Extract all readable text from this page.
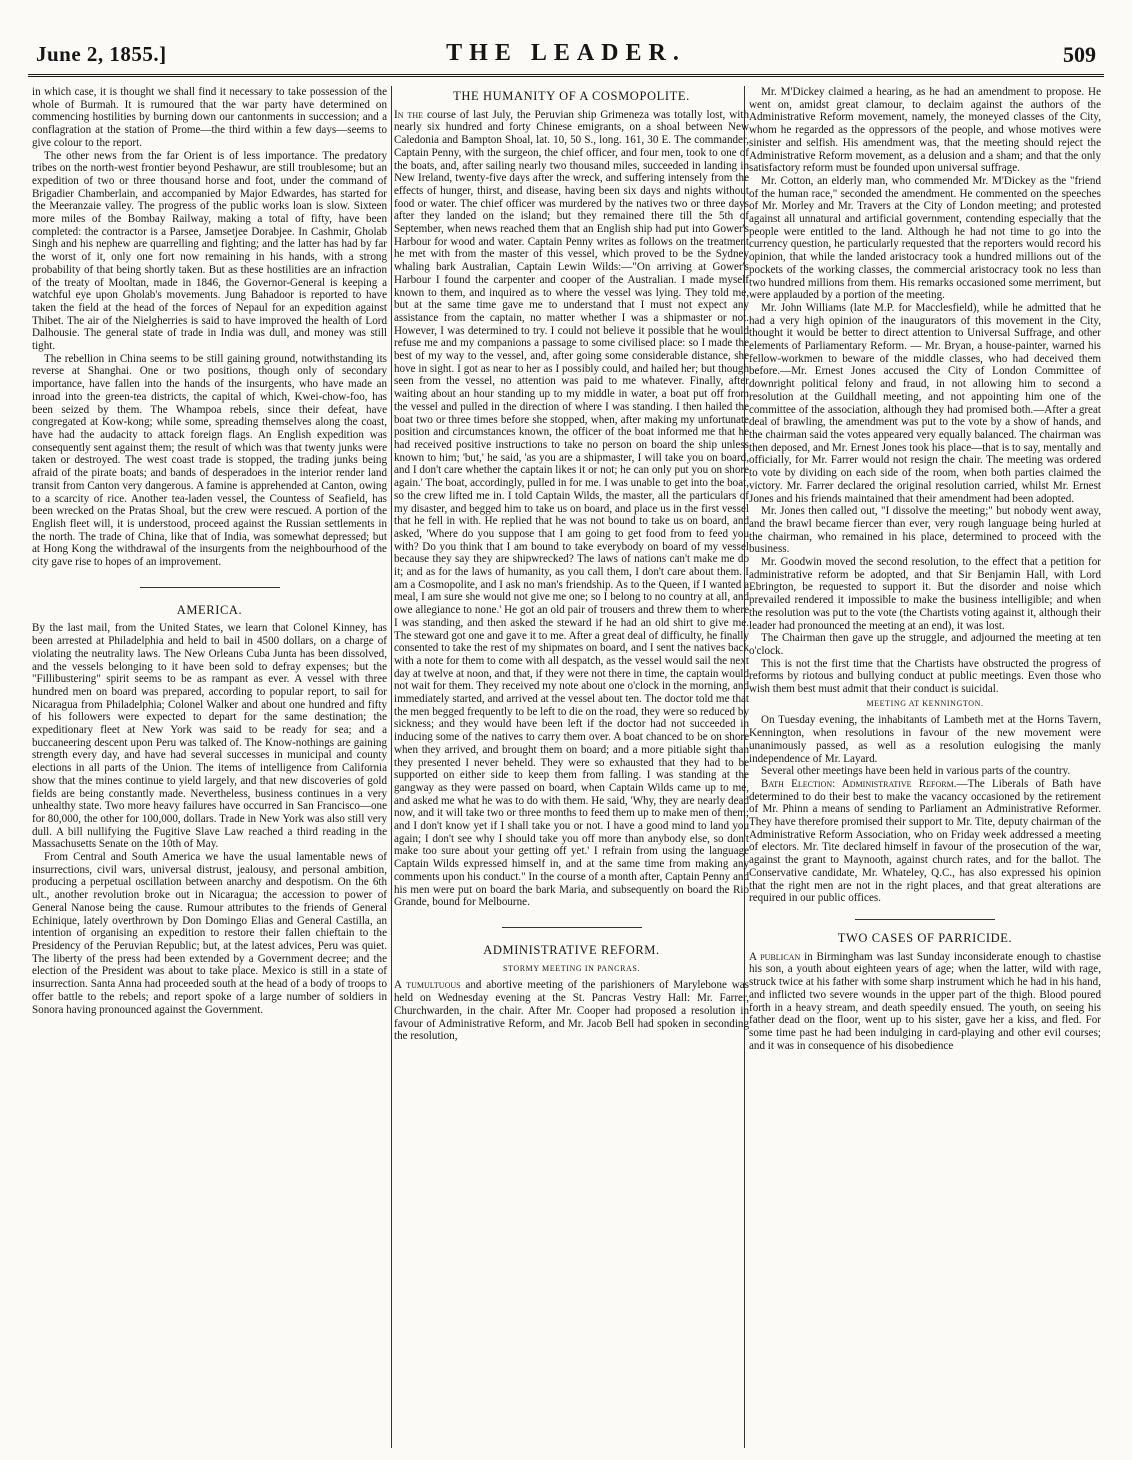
June 2, 1855.]	THE LEADER.	509

in which case, it is thought we shall find it necessary to take possession of the whole of Burmah. It is rumoured that the war party have determined on commencing hostilities by burning down our cantonments in succession; and a conflagration at the station of Prome—the third within a few days—seems to give colour to the report.

The other news from the far Orient is of less importance. The predatory tribes on the north-west frontier beyond Peshawur, are still troublesome; but an expedition of two or three thousand horse and foot, under the command of Brigadier Chamberlain, and accompanied by Major Edwardes, has started for the Meeranzaie valley. The progress of the public works loan is slow. Sixteen more miles of the Bombay Railway, making a total of fifty, have been completed: the contractor is a Parsee, Jamsetjee Dorabjee. In Cashmir, Gholab Singh and his nephew are quarrelling and fighting; and the latter has had by far the worst of it, only one fort now remaining in his hands, with a strong probability of that being shortly taken. But as these hostilities are an infraction of the treaty of Mooltan, made in 1846, the Governor-General is keeping a watchful eye upon Gholab's movements. Jung Bahadoor is reported to have taken the field at the head of the forces of Nepaul for an expedition against Thibet. The air of the Nielgherries is said to have improved the health of Lord Dalhousie. The general state of trade in India was dull, and money was still tight.

The rebellion in China seems to be still gaining ground, notwithstanding its reverse at Shanghai. One or two positions, though only of secondary importance, have fallen into the hands of the insurgents, who have made an inroad into the green-tea districts, the capital of which, Kwei-chow-foo, has been seized by them. The Whampoa rebels, since their defeat, have congregated at Kow-kong; while some, spreading themselves along the coast, have had the audacity to attack foreign flags. An English expedition was consequently sent against them; the result of which was that twenty junks were taken or destroyed. The west coast trade is stopped, the trading junks being afraid of the pirate boats; and bands of desperadoes in the interior render land transit from Canton very dangerous. A famine is apprehended at Canton, owing to a scarcity of rice. Another tea-laden vessel, the Countess of Seafield, has been wrecked on the Pratas Shoal, but the crew were rescued. A portion of the English fleet will, it is understood, proceed against the Russian settlements in the north. The trade of China, like that of India, was somewhat depressed; but at Hong Kong the withdrawal of the insurgents from the neighbourhood of the city gave rise to hopes of an improvement.

AMERICA.

By the last mail, from the United States, we learn that Colonel Kinney, has been arrested at Philadelphia and held to bail in 4500 dollars, on a charge of violating the neutrality laws. The New Orleans Cuba Junta has been dissolved, and the vessels belonging to it have been sold to defray expenses; but the "Fillibustering" spirit seems to be as rampant as ever. A vessel with three hundred men on board was prepared, according to popular report, to sail for Nicaragua from Philadelphia; Colonel Walker and about one hundred and fifty of his followers were expected to depart for the same destination; the expeditionary fleet at New York was said to be ready for sea; and a buccaneering descent upon Peru was talked of. The Know-nothings are gaining strength every day, and have had several successes in municipal and county elections in all parts of the Union. The items of intelligence from California show that the mines continue to yield largely, and that new discoveries of gold fields are being constantly made. Nevertheless, business continues in a very unhealthy state. Two more heavy failures have occurred in San Francisco—one for 80,000, the other for 100,000, dollars. Trade in New York was also still very dull. A bill nullifying the Fugitive Slave Law reached a third reading in the Massachusetts Senate on the 10th of May.

From Central and South America we have the usual lamentable news of insurrections, civil wars, universal distrust, jealousy, and personal ambition, producing a perpetual oscillation between anarchy and despotism. On the 6th ult., another revolution broke out in Nicaragua; the accession to power of General Nanose being the cause. Rumour attributes to the friends of General Echinique, lately overthrown by Don Domingo Elias and General Castilla, an intention of organising an expedition to restore their fallen chieftain to the Presidency of the Peruvian Republic; but, at the latest advices, Peru was quiet. The liberty of the press had been extended by a Government decree; and the election of the President was about to take place. Mexico is still in a state of insurrection. Santa Anna had proceeded south at the head of a body of troops to offer battle to the rebels; and report spoke of a large number of soldiers in Sonora having pronounced against the Government.

THE HUMANITY OF A COSMOPOLITE.

In the course of last July, the Peruvian ship Grimeneza was totally lost, with nearly six hundred and forty Chinese emigrants, on a shoal between New Caledonia and Bampton Shoal, lat. 10, 50 S., long. 161, 30 E. The commander, Captain Penny, with the surgeon, the chief officer, and four men, took to one of the boats, and, after sailing nearly two thousand miles, succeeded in landing in New Ireland, twenty-five days after the wreck, and suffering intensely from the effects of hunger, thirst, and disease, having been six days and nights without food or water. The chief officer was murdered by the natives two or three days after they landed on the island; but they remained there till the 5th of September, when news reached them that an English ship had put into Gower's Harbour for wood and water. Captain Penny writes as follows on the treatment he met with from the master of this vessel, which proved to be the Sydney whaling bark Australian, Captain Lewin Wilds:—"On arriving at Gower's Harbour I found the carpenter and cooper of the Australian. I made myself known to them, and inquired as to where the vessel was lying. They told me, but at the same time gave me to understand that I must not expect any assistance from the captain, no matter whether I was a shipmaster or not. However, I was determined to try. I could not believe it possible that he would refuse me and my companions a passage to some civilised place: so I made the best of my way to the vessel, and, after going some considerable distance, she hove in sight. I got as near to her as I possibly could, and hailed her; but though seen from the vessel, no attention was paid to me whatever. Finally, after waiting about an hour standing up to my middle in water, a boat put off from the vessel and pulled in the direction of where I was standing. I then hailed the boat two or three times before she stopped, when, after making my unfortunate position and circumstances known, the officer of the boat informed me that he had received positive instructions to take no person on board the ship unless known to him; 'but,' he said, 'as you are a shipmaster, I will take you on board, and I don't care whether the captain likes it or not; he can only put you on shore again.' The boat, accordingly, pulled in for me. I was unable to get into the boat, so the crew lifted me in. I told Captain Wilds, the master, all the particulars of my disaster, and begged him to take us on board, and place us in the first vessel that he fell in with. He replied that he was not bound to take us on board, and asked, 'Where do you suppose that I am going to get food from to feed you with? Do you think that I am bound to take everybody on board of my vessel because they say they are shipwrecked? The laws of nations can't make me do it; and as for the laws of humanity, as you call them, I don't care about them. I am a Cosmopolite, and I ask no man's friendship. As to the Queen, if I wanted a meal, I am sure she would not give me one; so I belong to no country at all, and owe allegiance to none.' He got an old pair of trousers and threw them to where I was standing, and then asked the steward if he had an old shirt to give me. The steward got one and gave it to me. After a great deal of difficulty, he finally consented to take the rest of my shipmates on board, and I sent the natives back with a note for them to come with all despatch, as the vessel would sail the next day at twelve at noon, and that, if they were not there in time, the captain would not wait for them. They received my note about one o'clock in the morning, and immediately started, and arrived at the vessel about ten. The doctor told me that the men begged frequently to be left to die on the road, they were so reduced by sickness; and they would have been left if the doctor had not succeeded in inducing some of the natives to carry them over. A boat chanced to be on shore when they arrived, and brought them on board; and a more pitiable sight than they presented I never beheld. They were so exhausted that they had to be supported on either side to keep them from falling. I was standing at the gangway as they were passed on board, when Captain Wilds came up to me, and asked me what he was to do with them. He said, 'Why, they are nearly dead now, and it will take two or three months to feed them up to make men of them; and I don't know yet if I shall take you or not. I have a good mind to land you again; I don't see why I should take you off more than anybody else, so don't make too sure about your getting off yet.' I refrain from using the language Captain Wilds expressed himself in, and at the same time from making any comments upon his conduct." In the course of a month after, Captain Penny and his men were put on board the bark Maria, and subsequently on board the Rio Grande, bound for Melbourne.

ADMINISTRATIVE REFORM.
STORMY MEETING IN PANCRAS.

A tumultuous and abortive meeting of the parishioners of Marylebone was held on Wednesday evening at the St. Pancras Vestry Hall: Mr. Farrer, Churchwarden, in the chair. After Mr. Cooper had proposed a resolution in favour of Administrative Reform, and Mr. Jacob Bell had spoken in seconding the resolution,

Mr. M'Dickey claimed a hearing, as he had an amendment to propose. He went on, amidst great clamour, to declaim against the authors of the Administrative Reform movement, namely, the moneyed classes of the City, whom he regarded as the oppressors of the people, and whose motives were sinister and selfish. His amendment was, that the meeting should reject the Administrative Reform movement, as a delusion and a sham; and that the only satisfactory reform must be founded upon universal suffrage.

Mr. Cotton, an elderly man, who commended Mr. M'Dickey as the "friend of the human race," seconded the amendment. He commented on the speeches of Mr. Morley and Mr. Travers at the City of London meeting; and protested against all unnatural and artificial government, contending especially that the people were entitled to the land. Although he had not time to go into the currency question, he particularly requested that the reporters would record his opinion, that while the landed aristocracy took a hundred millions out of the pockets of the working classes, the commercial aristocracy took no less than two hundred millions from them. His remarks occasioned some merriment, but were applauded by a portion of the meeting.

Mr. John Williams (late M.P. for Macclesfield), while he admitted that he had a very high opinion of the inaugurators of this movement in the City, thought it would be better to direct attention to Universal Suffrage, and other elements of Parliamentary Reform. — Mr. Bryan, a house-painter, warned his fellow-workmen to beware of the middle classes, who had deceived them before.—Mr. Ernest Jones accused the City of London Committee of downright political felony and fraud, in not allowing him to second a resolution at the Guildhall meeting, and not appointing him one of the committee of the association, although they had promised both.—After a great deal of brawling, the amendment was put to the vote by a show of hands, and the chairman said the votes appeared very equally balanced. The chairman was then deposed, and Mr. Ernest Jones took his place—that is to say, mentally and officially, for Mr. Farrer would not resign the chair. The meeting was ordered to vote by dividing on each side of the room, when both parties claimed the victory. Mr. Farrer declared the original resolution carried, whilst Mr. Ernest Jones and his friends maintained that their amendment had been adopted.

Mr. Jones then called out, "I dissolve the meeting;" but nobody went away, and the brawl became fiercer than ever, very rough language being hurled at the chairman, who remained in his place, determined to proceed with the business.

Mr. Goodwin moved the second resolution, to the effect that a petition for administrative reform be adopted, and that Sir Benjamin Hall, with Lord Ebrington, be requested to support it. But the disorder and noise which prevailed rendered it impossible to make the business intelligible; and when the resolution was put to the vote (the Chartists voting against it, although their leader had pronounced the meeting at an end), it was lost.

The Chairman then gave up the struggle, and adjourned the meeting at ten o'clock.

This is not the first time that the Chartists have obstructed the progress of reforms by riotous and bullying conduct at public meetings. Even those who wish them best must admit that their conduct is suicidal.

MEETING AT KENNINGTON.

On Tuesday evening, the inhabitants of Lambeth met at the Horns Tavern, Kennington, when resolutions in favour of the new movement were unanimously passed, as well as a resolution eulogising the manly independence of Mr. Layard.

Several other meetings have been held in various parts of the country.

Bath Election: Administrative Reform.—The Liberals of Bath have determined to do their best to make the vacancy occasioned by the retirement of Mr. Phinn a means of sending to Parliament an Administrative Reformer. They have therefore promised their support to Mr. Tite, deputy chairman of the Administrative Reform Association, who on Friday week addressed a meeting of electors. Mr. Tite declared himself in favour of the prosecution of the war, against the grant to Maynooth, against church rates, and for the ballot. The Conservative candidate, Mr. Whateley, Q.C., has also expressed his opinion that the right men are not in the right places, and that great alterations are required in our public offices.

TWO CASES OF PARRICIDE.

A publican in Birmingham was last Sunday inconsiderate enough to chastise his son, a youth about eighteen years of age; when the latter, wild with rage, struck twice at his father with some sharp instrument which he had in his hand, and inflicted two severe wounds in the upper part of the thigh. Blood poured forth in a heavy stream, and death speedily ensued. The youth, on seeing his father dead on the floor, went up to his sister, gave her a kiss, and fled. For some time past he had been indulging in card-playing and other evil courses; and it was in consequence of his disobedience
